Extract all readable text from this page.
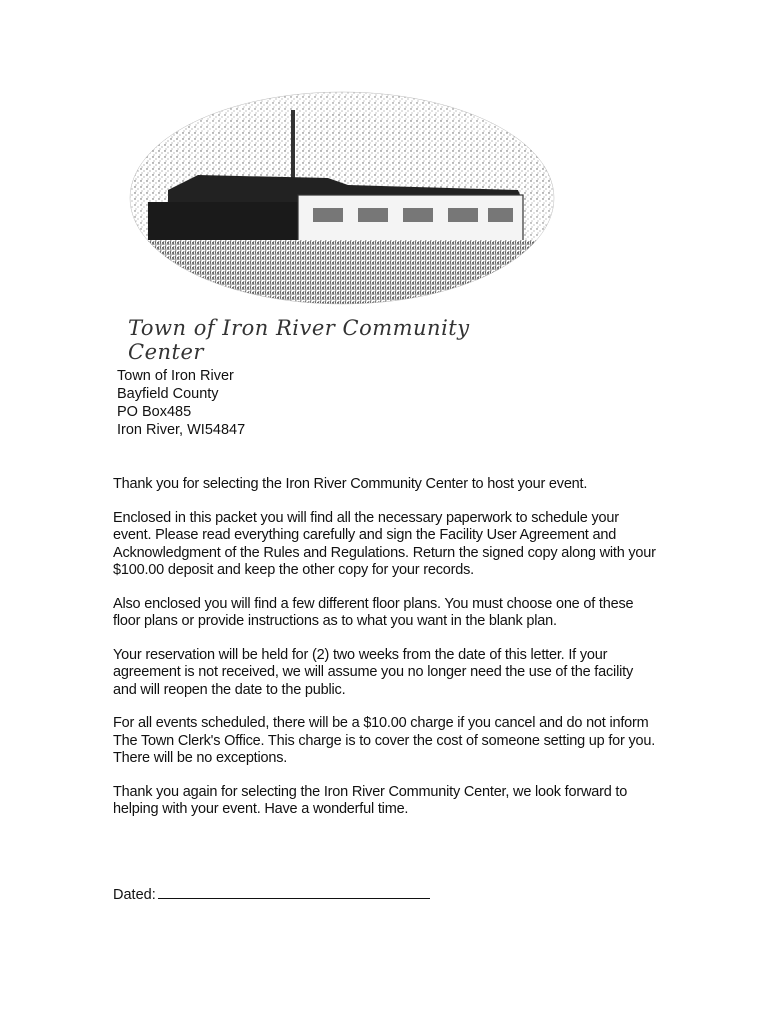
Town of Iron River Community Center
Town of Iron River
Bayfield County
PO Box485
Iron River, WI54847

Thank you for selecting the Iron River Community Center to host your event.

Enclosed in this packet you will find all the necessary paperwork to schedule your event. Please read everything carefully and sign the Facility User Agreement and Acknowledgment of the Rules and Regulations. Return the signed copy along with your $100.00 deposit and keep the other copy for your records.

Also enclosed you will find a few different floor plans. You must choose one of these floor plans or provide instructions as to what you want in the blank plan.

Your reservation will be held for (2) two weeks from the date of this letter. If your agreement is not received, we will assume you no longer need the use of the facility and will reopen the date to the public.

For all events scheduled, there will be a $10.00 charge if you cancel and do not inform The Town Clerk's Office. This charge is to cover the cost of someone setting up for you. There will be no exceptions.

Thank you again for selecting the Iron River Community Center, we look forward to helping with your event. Have a wonderful time.

Dated:
